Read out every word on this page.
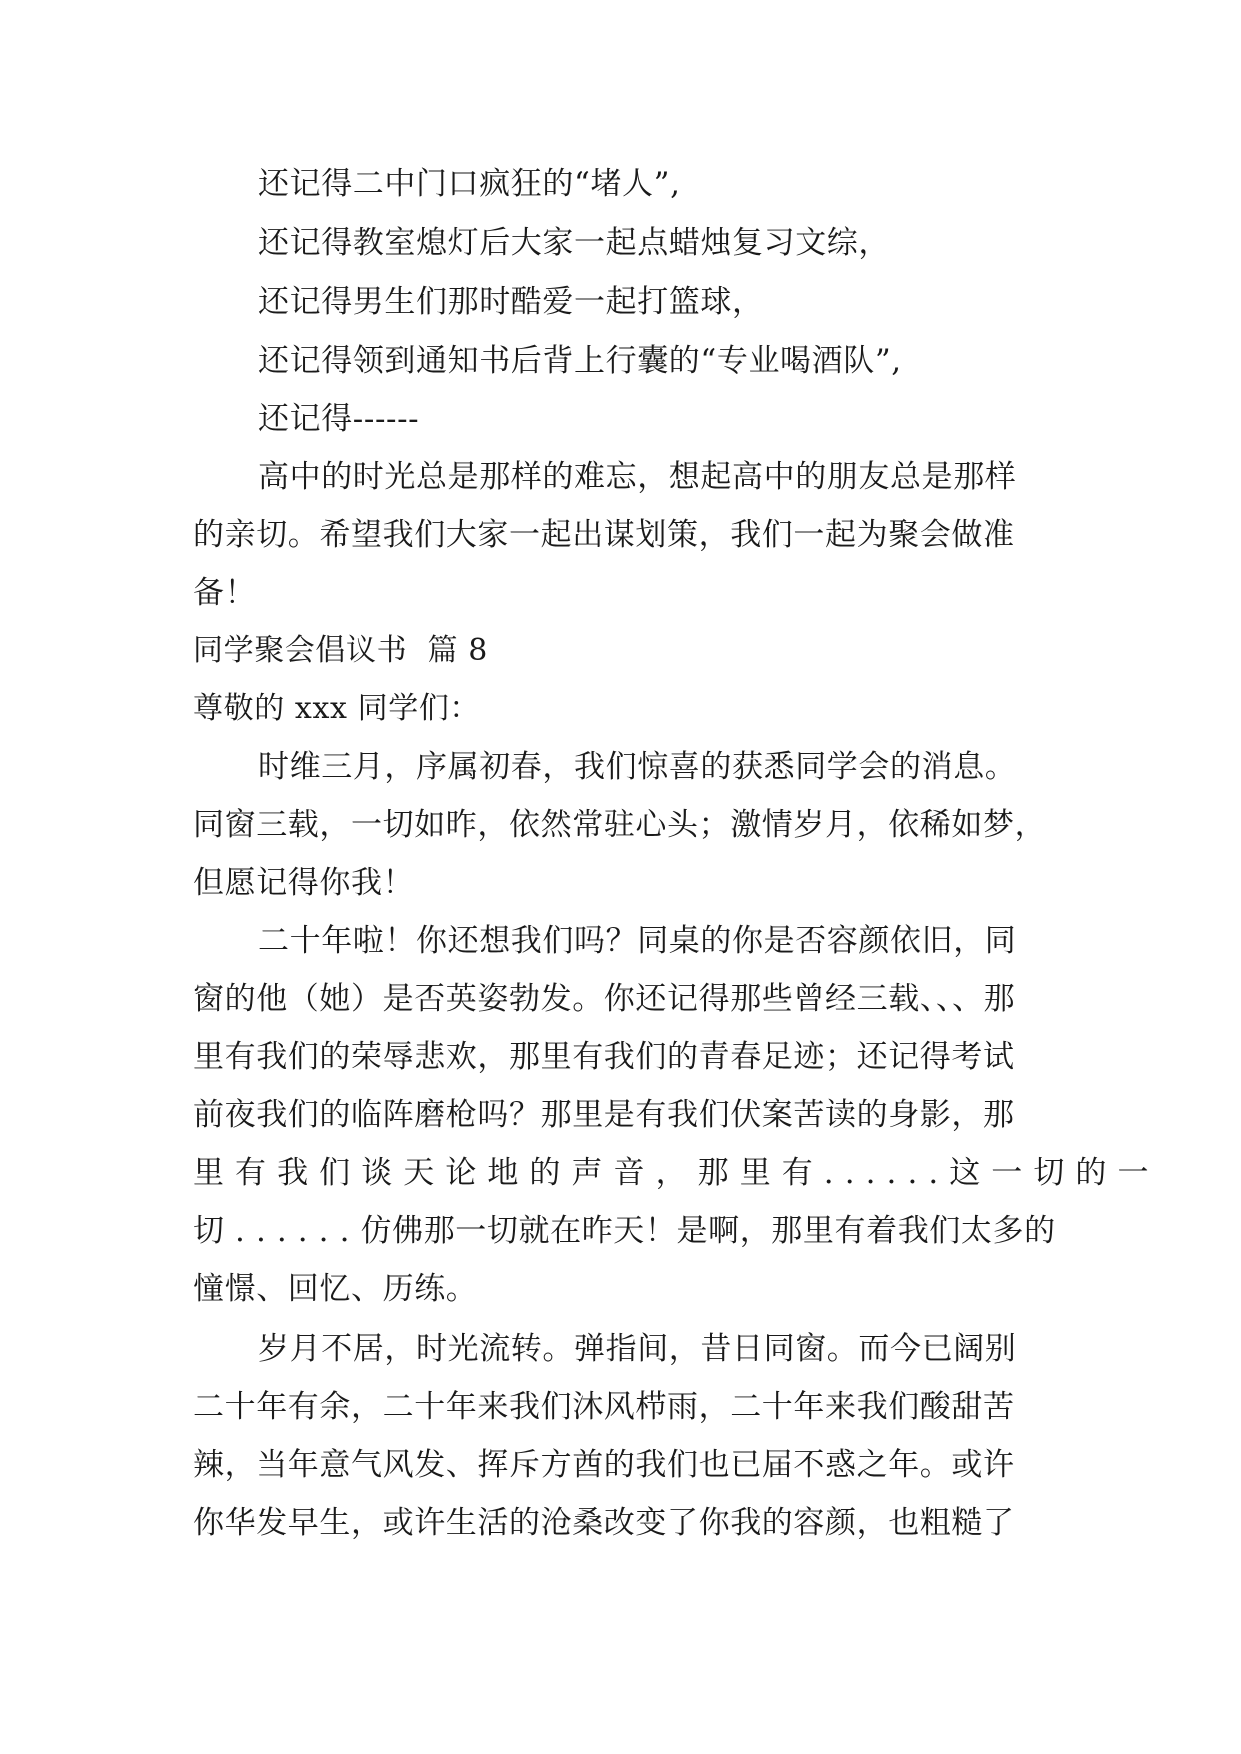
还记得二中门口疯狂的“堵人”,
还记得教室熄灯后大家一起点蜡烛复习文综，
还记得男生们那时酷爱一起打篮球，
还记得领到通知书后背上行囊的“专业喝酒队”,
还记得------
高中的时光总是那样的难忘，想起高中的朋友总是那样
的亲切。希望我们大家一起出谋划策，我们一起为聚会做准
备！
同学聚会倡议书  篇 8
尊敬的 xxx 同学们：
时维三月，序属初春，我们惊喜的获悉同学会的消息。
同窗三载，一切如昨，依然常驻心头；激情岁月，依稀如梦，
但愿记得你我！
二十年啦！你还想我们吗？同桌的你是否容颜依旧，同
窗的他（她）是否英姿勃发。你还记得那些曾经三载、、、那
里有我们的荣辱悲欢，那里有我们的青春足迹；还记得考试
前夜我们的临阵磨枪吗？那里是有我们伏案苦读的身影，那
里 有 我 们 谈 天 论 地 的 声 音 ， 那 里 有 . . . . . . 这 一 切 的 一
切 . . . . . . 仿佛那一切就在昨天！是啊，那里有着我们太多的
憧憬、回忆、历练。
岁月不居，时光流转。弹指间，昔日同窗。而今已阔别
二十年有余，二十年来我们沐风栉雨，二十年来我们酸甜苦
辣，当年意气风发、挥斥方酋的我们也已届不惑之年。或许
你华发早生，或许生活的沧桑改变了你我的容颜，也粗糙了
